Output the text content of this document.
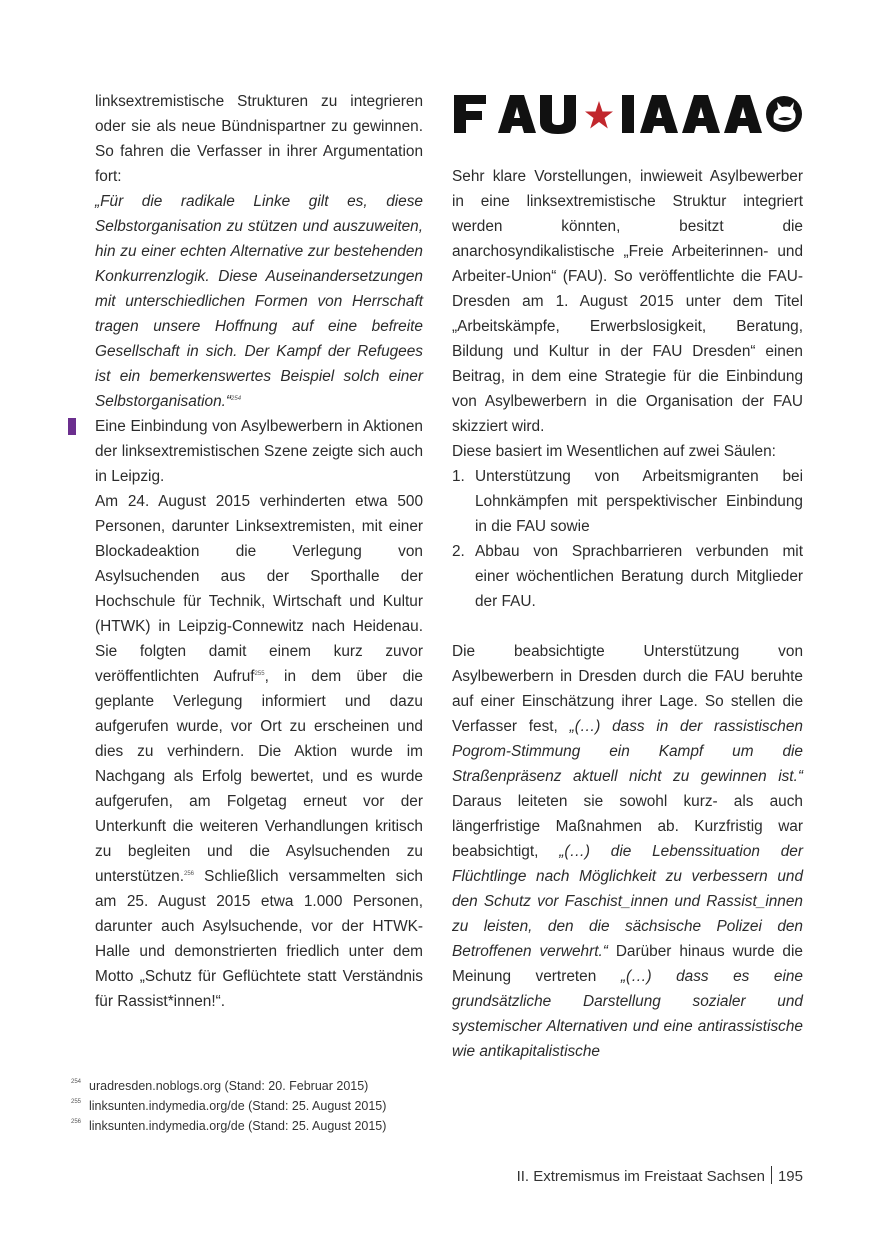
linksextremistische Strukturen zu integrieren oder sie als neue Bündnispartner zu gewinnen. So fahren die Verfasser in ihrer Argumentation fort:

„Für die radikale Linke gilt es, diese Selbstorganisation zu stützen und auszuweiten, hin zu einer echten Alternative zur bestehenden Konkurrenzlogik. Diese Auseinandersetzungen mit unterschiedlichen Formen von Herrschaft tragen unsere Hoffnung auf eine befreite Gesellschaft in sich. Der Kampf der Refugees ist ein bemerkenswertes Beispiel solch einer Selbstorganisation.“$^{254}$

Eine Einbindung von Asylbewerbern in Aktionen der linksextremistischen Szene zeigte sich auch in Leipzig.

Am 24. August 2015 verhinderten etwa 500 Personen, darunter Linksextremisten, mit einer Blockadeaktion die Verlegung von Asylsuchenden aus der Sporthalle der Hochschule für Technik, Wirtschaft und Kultur (HTWK) in Leipzig-Connewitz nach Heidenau. Sie folgten damit einem kurz zuvor veröffentlichten Aufruf$^{255}$, in dem über die geplante Verlegung informiert und dazu aufgerufen wurde, vor Ort zu erscheinen und dies zu verhindern. Die Aktion wurde im Nachgang als Erfolg bewertet, und es wurde aufgerufen, am Folgetag erneut vor der Unterkunft die weiteren Verhandlungen kritisch zu begleiten und die Asylsuchenden zu unterstützen.$^{256}$ Schließlich versammelten sich am 25. August 2015 etwa 1.000 Personen, darunter auch Asylsuchende, vor der HTWK-Halle und demonstrierten friedlich unter dem Motto „Schutz für Geflüchtete statt Verständnis für Rassist*innen!“.

Sehr klare Vorstellungen, inwieweit Asylbewerber in eine linksextremistische Struktur integriert werden könnten, besitzt die anarchosyndikalistische „Freie Arbeiterinnen- und Arbeiter-Union“ (FAU). So veröffentlichte die FAU-Dresden am 1. August 2015 unter dem Titel „Arbeitskämpfe, Erwerbslosigkeit, Beratung, Bildung und Kultur in der FAU Dresden“ einen Beitrag, in dem eine Strategie für die Einbindung von Asylbewerbern in die Organisation der FAU skizziert wird.

Diese basiert im Wesentlichen auf zwei Säulen:

1. Unterstützung von Arbeitsmigranten bei Lohnkämpfen mit perspektivischer Einbindung in die FAU sowie
2. Abbau von Sprachbarrieren verbunden mit einer wöchentlichen Beratung durch Mitglieder der FAU.

Die beabsichtigte Unterstützung von Asylbewerbern in Dresden durch die FAU beruhte auf einer Einschätzung ihrer Lage. So stellen die Verfasser fest, „(…) dass in der rassistischen Pogrom-Stimmung ein Kampf um die Straßenpräsenz aktuell nicht zu gewinnen ist.“ Daraus leiteten sie sowohl kurz- als auch längerfristige Maßnahmen ab. Kurzfristig war beabsichtigt, „(…) die Lebenssituation der Flüchtlinge nach Möglichkeit zu verbessern und den Schutz vor Faschist_innen und Rassist_innen zu leisten, den die sächsische Polizei den Betroffenen verwehrt.“ Darüber hinaus wurde die Meinung vertreten „(…) dass es eine grundsätzliche Darstellung sozialer und systemischer Alternativen und eine antirassistische wie antikapitalistische

254 uradresden.noblogs.org (Stand: 20. Februar 2015)
255 linksunten.indymedia.org/de (Stand: 25. August 2015)
256 linksunten.indymedia.org/de (Stand: 25. August 2015)
II. Extremismus im Freistaat Sachsen 195
